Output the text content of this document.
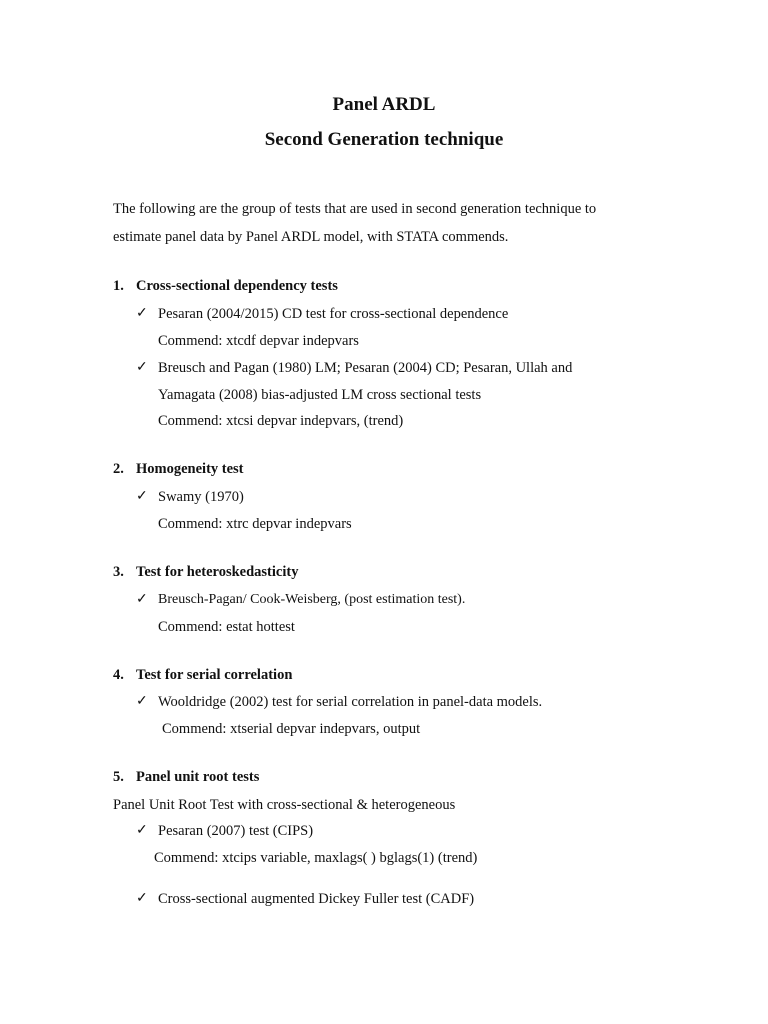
Panel ARDL
Second Generation technique
The following are the group of tests that are used in second generation technique to
estimate panel data by Panel ARDL model, with STATA commends.
1. Cross-sectional dependency tests
✓ Pesaran (2004/2015) CD test for cross-sectional dependence
Commend: xtcdf depvar indepvars
✓ Breusch and Pagan (1980) LM; Pesaran (2004) CD; Pesaran, Ullah and
Yamagata (2008) bias-adjusted LM cross sectional tests
Commend: xtcsi depvar indepvars, (trend)
2. Homogeneity test
✓ Swamy (1970)
Commend: xtrc depvar indepvars
3. Test for heteroskedasticity
✓ Breusch-Pagan/ Cook-Weisberg, (post estimation test).
Commend: estat hottest
4. Test for serial correlation
✓ Wooldridge (2002) test for serial correlation in panel-data models.
Commend: xtserial depvar indepvars, output
5. Panel unit root tests
Panel Unit Root Test with cross-sectional & heterogeneous
✓ Pesaran (2007) test (CIPS)
Commend: xtcips variable, maxlags( ) bglags(1) (trend)
✓ Cross-sectional augmented Dickey Fuller test (CADF)
